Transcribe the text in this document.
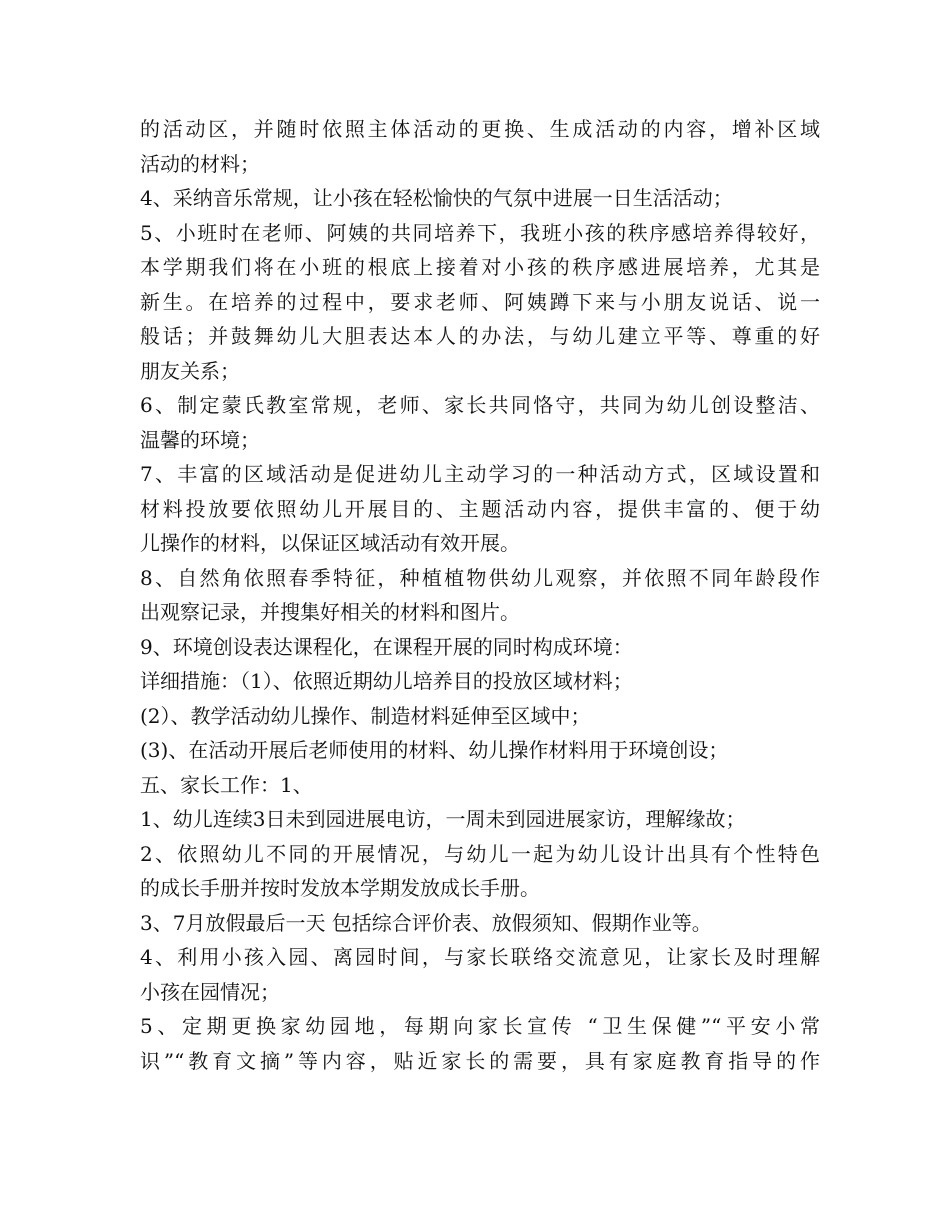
的活动区，并随时依照主体活动的更换、生成活动的内容，增补区域
活动的材料；
4、采纳音乐常规，让小孩在轻松愉快的气氛中进展一日生活活动；
5、小班时在老师、阿姨的共同培养下，我班小孩的秩序感培养得较好，
本学期我们将在小班的根底上接着对小孩的秩序感进展培养，尤其是
新生。在培养的过程中，要求老师、阿姨蹲下来与小朋友说话、说一
般话；并鼓舞幼儿大胆表达本人的办法，与幼儿建立平等、尊重的好
朋友关系；
6、制定蒙氏教室常规，老师、家长共同恪守，共同为幼儿创设整洁、
温馨的环境；
7、丰富的区域活动是促进幼儿主动学习的一种活动方式，区域设置和
材料投放要依照幼儿开展目的、主题活动内容，提供丰富的、便于幼
儿操作的材料，以保证区域活动有效开展。
8、自然角依照春季特征，种植植物供幼儿观察，并依照不同年龄段作
出观察记录，并搜集好相关的材料和图片。
9、环境创设表达课程化，在课程开展的同时构成环境：
详细措施：（1）、依照近期幼儿培养目的投放区域材料；
(2）、教学活动幼儿操作、制造材料延伸至区域中；
(3)、在活动开展后老师使用的材料、幼儿操作材料用于环境创设；
五、家长工作：1、
1、幼儿连续3日未到园进展电访，一周未到园进展家访，理解缘故；
2、依照幼儿不同的开展情况，与幼儿一起为幼儿设计出具有个性特色
的成长手册并按时发放本学期发放成长手册。
3、7月放假最后一天 包括综合评价表、放假须知、假期作业等。
4、利用小孩入园、离园时间，与家长联络交流意见，让家长及时理解
小孩在园情况；
5、定期更换家幼园地，每期向家长宣传 “卫生保健”“平安小常
识”“教育文摘”等内容，贴近家长的需要，具有家庭教育指导的作
